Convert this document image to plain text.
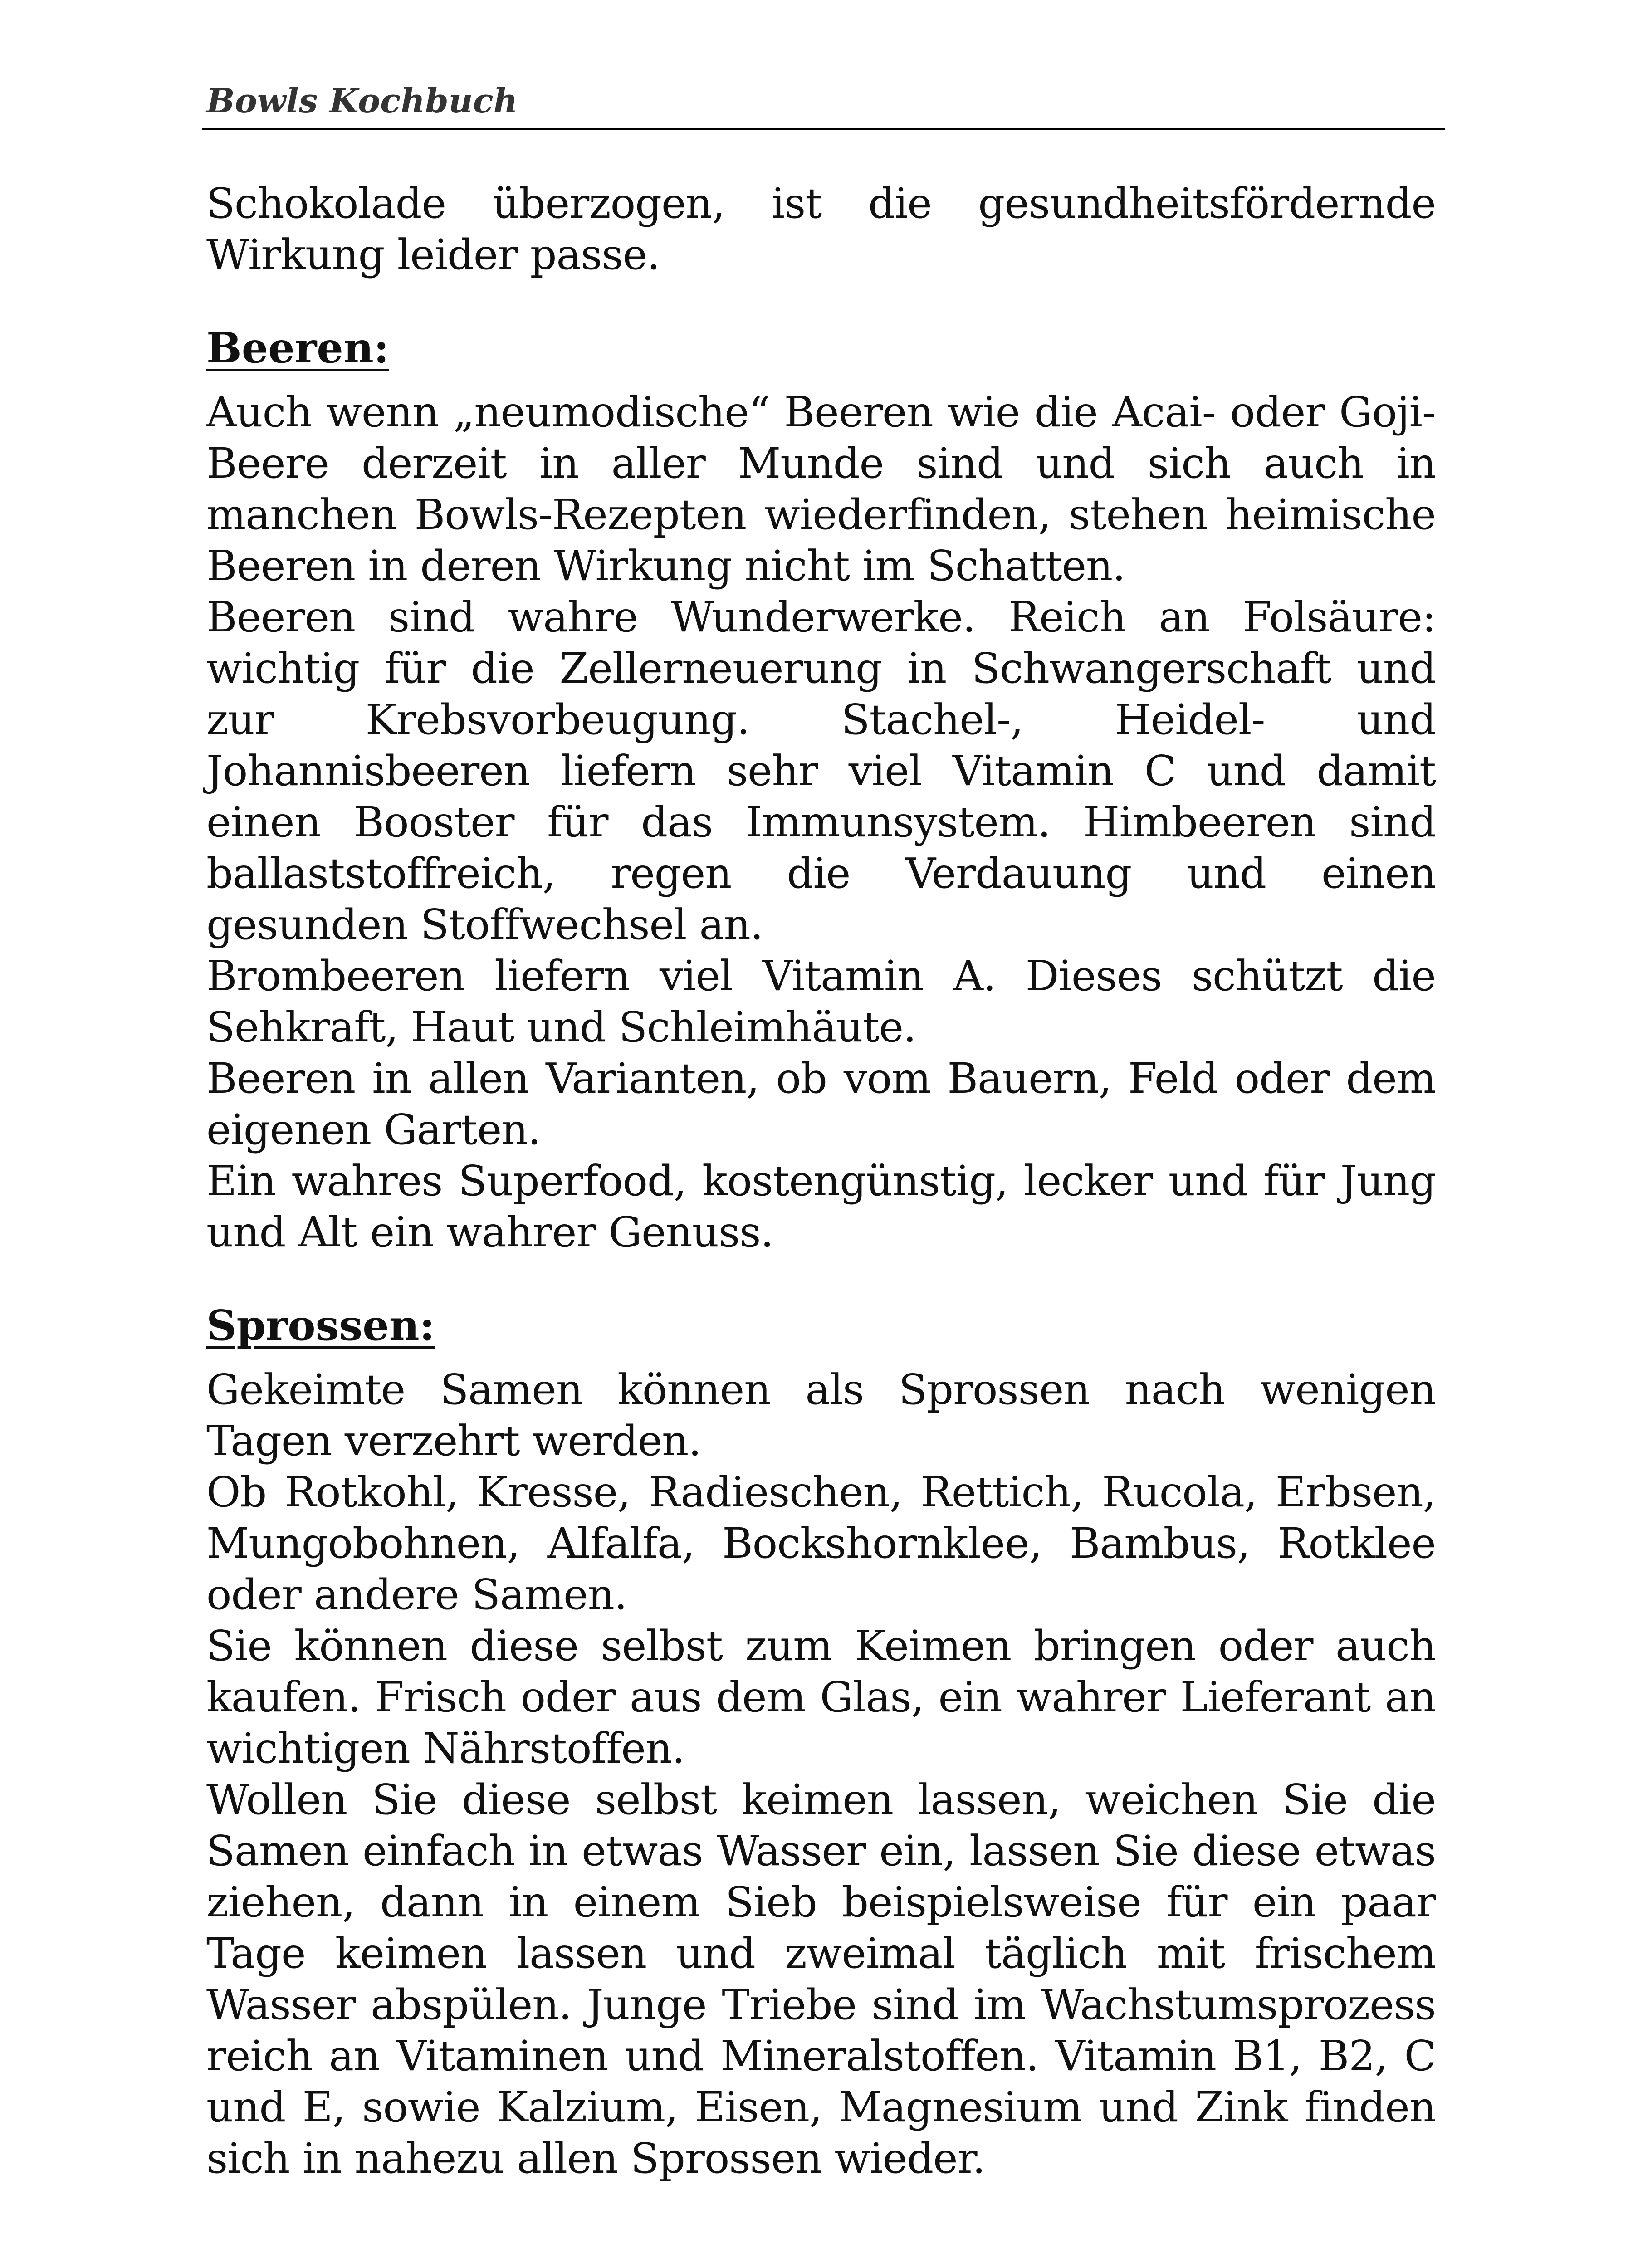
Bowls Kochbuch

Schokolade überzogen, ist die gesundheitsfördernde Wirkung leider passe.

Beeren:

Auch wenn „neumodische“ Beeren wie die Acai- oder Goji-Beere derzeit in aller Munde sind und sich auch in manchen Bowls-Rezepten wiederfinden, stehen heimische Beeren in deren Wirkung nicht im Schatten.

Beeren sind wahre Wunderwerke. Reich an Folsäure: wichtig für die Zellerneuerung in Schwangerschaft und zur Krebsvorbeugung. Stachel-, Heidel- und Johannisbeeren liefern sehr viel Vitamin C und damit einen Booster für das Immunsystem. Himbeeren sind ballaststoffreich, regen die Verdauung und einen gesunden Stoffwechsel an.

Brombeeren liefern viel Vitamin A. Dieses schützt die Sehkraft, Haut und Schleimhäute.

Beeren in allen Varianten, ob vom Bauern, Feld oder dem eigenen Garten.

Ein wahres Superfood, kostengünstig, lecker und für Jung und Alt ein wahrer Genuss.

Sprossen:

Gekeimte Samen können als Sprossen nach wenigen Tagen verzehrt werden.

Ob Rotkohl, Kresse, Radieschen, Rettich, Rucola, Erbsen, Mungobohnen, Alfalfa, Bockshornklee, Bambus, Rotklee oder andere Samen.

Sie können diese selbst zum Keimen bringen oder auch kaufen. Frisch oder aus dem Glas, ein wahrer Lieferant an wichtigen Nährstoffen.

Wollen Sie diese selbst keimen lassen, weichen Sie die Samen einfach in etwas Wasser ein, lassen Sie diese etwas ziehen, dann in einem Sieb beispielsweise für ein paar Tage keimen lassen und zweimal täglich mit frischem Wasser abspülen. Junge Triebe sind im Wachstumsprozess reich an Vitaminen und Mineralstoffen. Vitamin B1, B2, C und E, sowie Kalzium, Eisen, Magnesium und Zink finden sich in nahezu allen Sprossen wieder.
